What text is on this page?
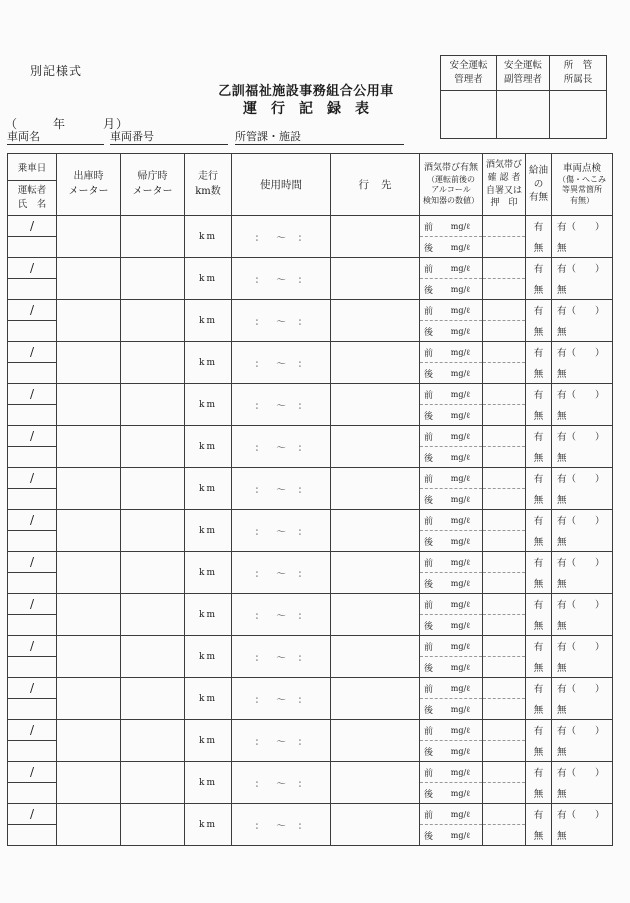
別記様式
乙訓福祉施設事務組合公用車
運　行　記　録　表
（	年	月 ）
車両名	車両番号	所管課・施設
安全運転
管理者
安全運転
副管理者
所　管
所属長
乗車日
運転者
氏　名

出庫時
メーター

帰庁時
メーター

走行
km数	使用時間	行先

酒気帯び有無
（運転前後の
アルコール
検知器の数値）

酒気帯び
確 認 者
自署又は
押　印

給油の
有無

車両点検
（傷・へこみ
等異常箇所
有無）

/			km	： ～ ：		前 mg/ℓ		有	有（　　）

						後 mg/ℓ		無	無
/			km	： ～ ：		前 mg/ℓ		有	有（　　）

						後 mg/ℓ		無	無
/			km	： ～ ：		前 mg/ℓ		有	有（　　）

						後 mg/ℓ		無	無
/			km	： ～ ：		前 mg/ℓ		有	有（　　）

						後 mg/ℓ		無	無
/			km	： ～ ：		前 mg/ℓ		有	有（　　）

						後 mg/ℓ		無	無
/			km	： ～ ：		前 mg/ℓ		有	有（　　）

						後 mg/ℓ		無	無
/			km	： ～ ：		前 mg/ℓ		有	有（　　）

						後 mg/ℓ		無	無
/			km	： ～ ：		前 mg/ℓ		有	有（　　）

						後 mg/ℓ		無	無
/			km	： ～ ：		前 mg/ℓ		有	有（　　）

						後 mg/ℓ		無	無
/			km	： ～ ：		前 mg/ℓ		有	有（　　）

						後 mg/ℓ		無	無
/			km	： ～ ：		前 mg/ℓ		有	有（　　）

						後 mg/ℓ		無	無
/			km	： ～ ：		前 mg/ℓ		有	有（　　）

						後 mg/ℓ		無	無
/			km	： ～ ：		前 mg/ℓ		有	有（　　）

						後 mg/ℓ		無	無
/			km	： ～ ：		前 mg/ℓ		有	有（　　）

						後 mg/ℓ		無	無
/			km	： ～ ：		前 mg/ℓ		有	有（　　）

						後 mg/ℓ		無	無
